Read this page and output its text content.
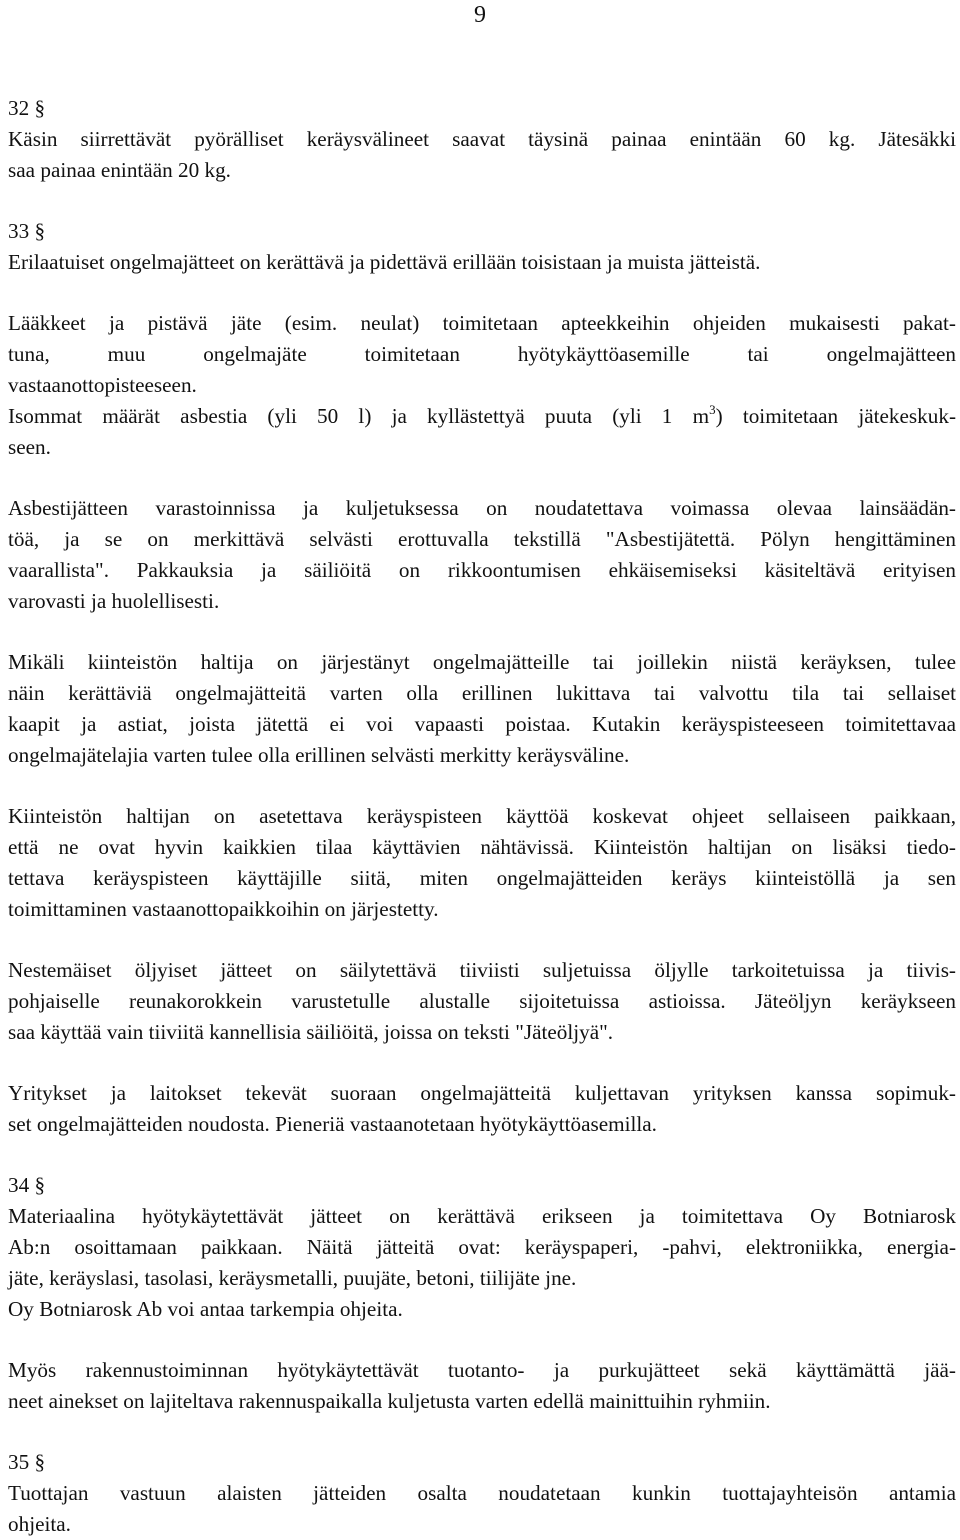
9
32 §
Käsin siirrettävät pyörälliset keräysvälineet saavat täysinä painaa enintään 60 kg. Jätesäkki
saa painaa enintään 20 kg.
33 §
Erilaatuiset ongelmajätteet on kerättävä ja pidettävä erillään toisistaan ja muista jätteistä.
Lääkkeet ja pistävä jäte (esim. neulat) toimitetaan apteekkeihin ohjeiden mukaisesti pakat-
tuna, muu ongelmajäte toimitetaan hyötykäyttöasemille tai ongelmajätteen
vastaanottopisteeseen.
Isommat määrät asbestia (yli 50 l) ja kyllästettyä puuta (yli 1 $m^3$) toimitetaan jätekeskuk-
seen.
Asbestijätteen varastoinnissa ja kuljetuksessa on noudatettava voimassa olevaa lainsäädän-
töä, ja se on merkittävä selvästi erottuvalla tekstillä "Asbestijätettä. Pölyn hengittäminen
vaarallista". Pakkauksia ja säiliöitä on rikkoontumisen ehkäisemiseksi käsiteltävä erityisen
varovasti ja huolellisesti.
Mikäli kiinteistön haltija on järjestänyt ongelmajätteille tai joillekin niistä keräyksen, tulee
näin kerättäviä ongelmajätteitä varten olla erillinen lukittava tai valvottu tila tai sellaiset
kaapit ja astiat, joista jätettä ei voi vapaasti poistaa. Kutakin keräyspisteeseen toimitettavaa
ongelmajätelajia varten tulee olla erillinen selvästi merkitty keräysväline.
Kiinteistön haltijan on asetettava keräyspisteen käyttöä koskevat ohjeet sellaiseen paikkaan,
että ne ovat hyvin kaikkien tilaa käyttävien nähtävissä. Kiinteistön haltijan on lisäksi tiedo-
tettava keräyspisteen käyttäjille siitä, miten ongelmajätteiden keräys kiinteistöllä ja sen
toimittaminen vastaanottopaikkoihin on järjestetty.
Nestemäiset öljyiset jätteet on säilytettävä tiiviisti suljetuissa öljylle tarkoitetuissa ja tiivis-
pohjaiselle reunakorokkein varustetulle alustalle sijoitetuissa astioissa. Jäteöljyn keräykseen
saa käyttää vain tiiviitä kannellisia säiliöitä, joissa on teksti "Jäteöljyä".
Yritykset ja laitokset tekevät suoraan ongelmajätteitä kuljettavan yrityksen kanssa sopimuk-
set ongelmajätteiden noudosta. Pieneriä vastaanotetaan hyötykäyttöasemilla.
34 §
Materiaalina hyötykäytettävät jätteet on kerättävä erikseen ja toimitettava Oy Botniarosk
Ab:n osoittamaan paikkaan. Näitä jätteitä ovat: keräyspaperi, -pahvi, elektroniikka, energia-
jäte, keräyslasi, tasolasi, keräysmetalli, puujäte, betoni, tiilijäte jne.
Oy Botniarosk Ab voi antaa tarkempia ohjeita.
Myös rakennustoiminnan hyötykäytettävät tuotanto- ja purkujätteet sekä käyttämättä jää-
neet ainekset on lajiteltava rakennuspaikalla kuljetusta varten edellä mainittuihin ryhmiin.
35 §
Tuottajan vastuun alaisten jätteiden osalta noudatetaan kunkin tuottajayhteisön antamia
ohjeita.
